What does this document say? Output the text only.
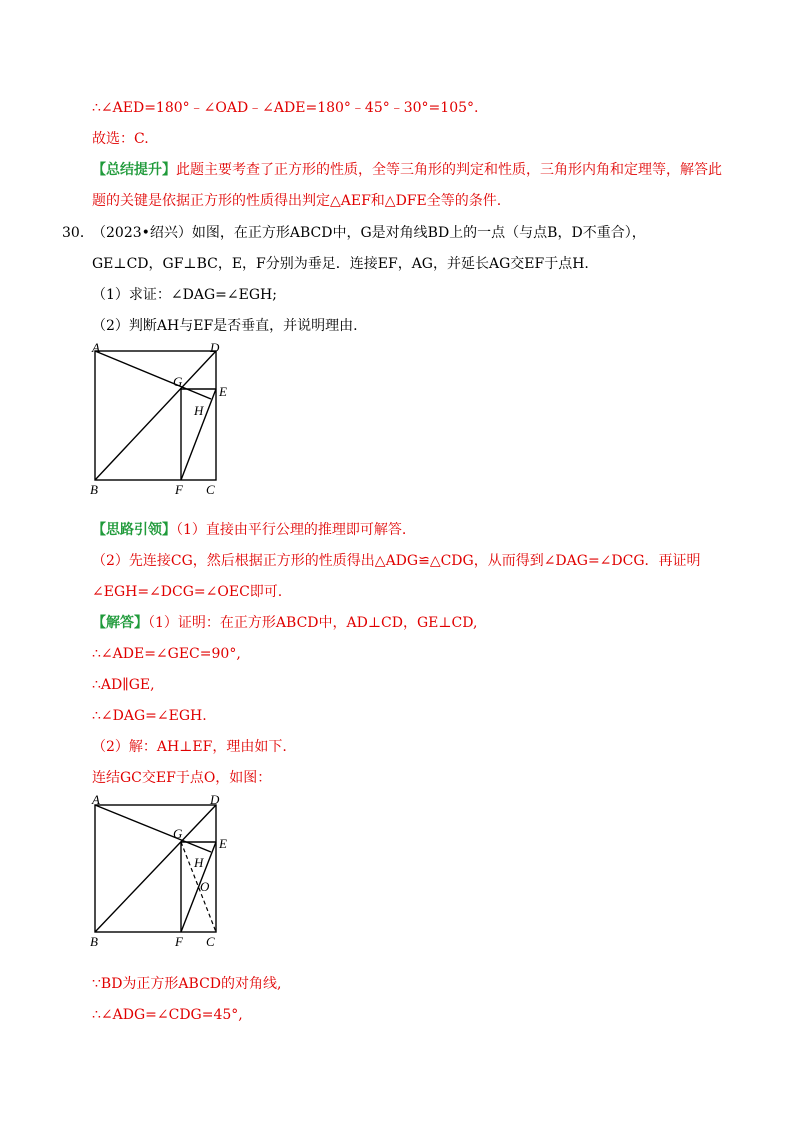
∴∠AED=180°﹣∠OAD﹣∠ADE=180°﹣45°﹣30°=105°.
故选：C.
【总结提升】此题主要考查了正方形的性质，全等三角形的判定和性质，三角形内角和定理等，解答此
题的关键是依据正方形的性质得出判定△AEF和△DFE全等的条件.
30．
（2023•绍兴）如图，在正方形ABCD中，G是对角线BD上的一点（与点B，D不重合），
GE⊥CD，GF⊥BC，E，F分别为垂足．连接EF，AG，并延长AG交EF于点H.
（1）求证：∠DAG=∠EGH;
（2）判断AH与EF是否垂直，并说明理由.
A	D
G
E
H
B	F C
【思路引领】（1）直接由平行公理的推理即可解答.
（2）先连接CG，然后根据正方形的性质得出△ADG≌△CDG，从而得到∠DAG=∠DCG．再证明
∠EGH=∠DCG=∠OEC即可.
【解答】（1）证明：在正方形ABCD中，AD⊥CD，GE⊥CD,
∴∠ADE=∠GEC=90°,
∴AD∥GE,
∴∠DAG=∠EGH.
（2）解：AH⊥EF，理由如下.
连结GC交EF于点O，如图：
A	D
G
E
H
O
B	F C
∵BD为正方形ABCD的对角线,
∴∠ADG=∠CDG=45°,
